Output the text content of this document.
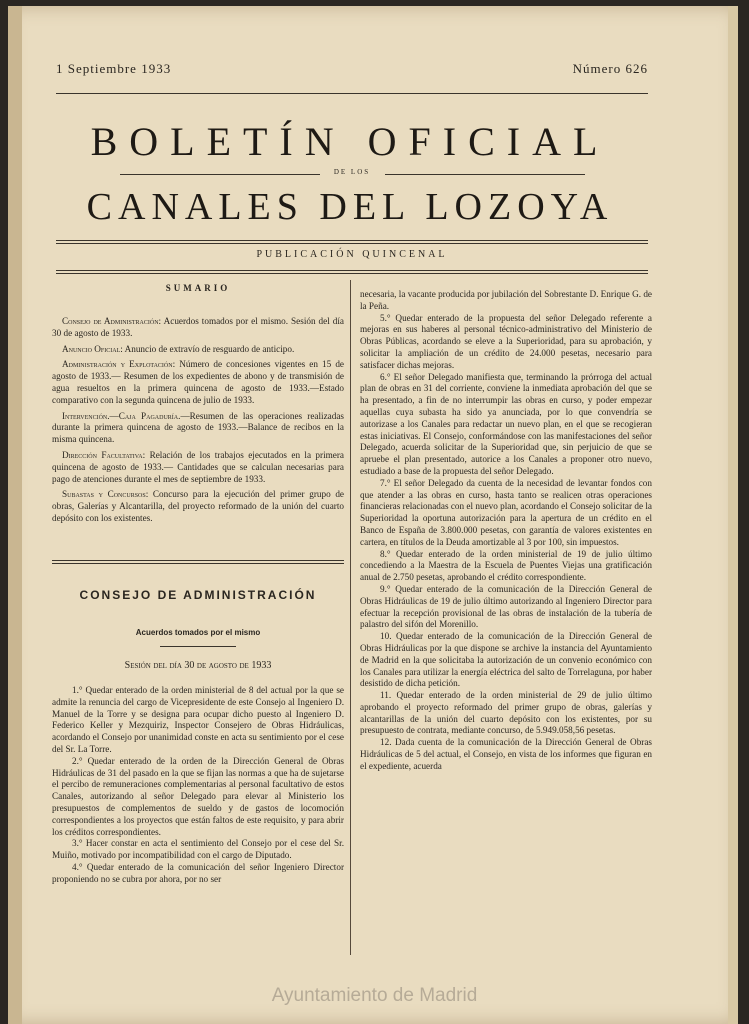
1 Septiembre 1933	Número 626
BOLETÍN OFICIAL
DE LOS
CANALES DEL LOZOYA
PUBLICACIÓN QUINCENAL
SUMARIO

Consejo de Administración: Acuerdos tomados por el mismo. Sesión del día 30 de agosto de 1933.

Anuncio Oficial: Anuncio de extravío de resguardo de anticipo.

Administración y Explotación: Número de concesiones vigentes en 15 de agosto de 1933.— Resumen de los expedientes de abono y de transmisión de agua resueltos en la primera quincena de agosto de 1933.—Estado comparativo con la segunda quincena de julio de 1933.

Intervención.—Caja Pagaduría.—Resumen de las operaciones realizadas durante la primera quincena de agosto de 1933.—Balance de recibos en la misma quincena.

Dirección Facultativa: Relación de los trabajos ejecutados en la primera quincena de agosto de 1933.— Cantidades que se calculan necesarias para pago de atenciones durante el mes de septiembre de 1933.

Subastas y Concursos: Concurso para la ejecución del primer grupo de obras, Galerías y Alcantarilla, del proyecto reformado de la unión del cuarto depósito con los existentes.

CONSEJO DE ADMINISTRACIÓN
Acuerdos tomados por el mismo
Sesión del día 30 de agosto de 1933

1.° Quedar enterado de la orden ministerial de 8 del actual por la que se admite la renuncia del cargo de Vicepresidente de este Consejo al Ingeniero D. Manuel de la Torre y se designa para ocupar dicho puesto al Ingeniero D. Federico Keller y Mezquiriz, Inspector Consejero de Obras Hidráulicas, acordando el Consejo por unanimidad conste en acta su sentimiento por el cese del Sr. La Torre.

2.° Quedar enterado de la orden de la Dirección General de Obras Hidráulicas de 31 del pasado en la que se fijan las normas a que ha de sujetarse el percibo de remuneraciones complementarias al personal facultativo de estos Canales, autorizando al señor Delegado para elevar al Ministerio los presupuestos de complementos de sueldo y de gastos de locomoción correspondientes a los proyectos que están faltos de este requisito, y para abrir los créditos correspondientes.

3.° Hacer constar en acta el sentimiento del Consejo por el cese del Sr. Muiño, motivado por incompatibilidad con el cargo de Diputado.

4.° Quedar enterado de la comunicación del señor Ingeniero Director proponiendo no se cubra por ahora, por no ser

necesaria, la vacante producida por jubilación del Sobrestante D. Enrique G. de la Peña.

5.° Quedar enterado de la propuesta del señor Delegado referente a mejoras en sus haberes al personal técnico-administrativo del Ministerio de Obras Públicas, acordando se eleve a la Superioridad, para su aprobación, y solicitar la ampliación de un crédito de 24.000 pesetas, necesario para satisfacer dichas mejoras.

6.° El señor Delegado manifiesta que, terminando la prórroga del actual plan de obras en 31 del corriente, conviene la inmediata aprobación del que se ha presentado, a fin de no interrumpir las obras en curso, y poder empezar aquellas cuya subasta ha sido ya anunciada, por lo que convendría se autorizase a los Canales para redactar un nuevo plan, en el que se recogieran estas iniciativas. El Consejo, conformándose con las manifestaciones del señor Delegado, acuerda solicitar de la Superioridad que, sin perjuicio de que se apruebe el plan presentado, autorice a los Canales a proponer otro nuevo, estudiado a base de la propuesta del señor Delegado.

7.° El señor Delegado da cuenta de la necesidad de levantar fondos con que atender a las obras en curso, hasta tanto se realicen otras operaciones financieras relacionadas con el nuevo plan, acordando el Consejo solicitar de la Superioridad la oportuna autorización para la apertura de un crédito en el Banco de España de 3.800.000 pesetas, con garantía de valores existentes en cartera, en títulos de la Deuda amortizable al 3 por 100, sin impuestos.

8.° Quedar enterado de la orden ministerial de 19 de julio último concediendo a la Maestra de la Escuela de Puentes Viejas una gratificación anual de 2.750 pesetas, aprobando el crédito correspondiente.

9.° Quedar enterado de la comunicación de la Dirección General de Obras Hidráulicas de 19 de julio último autorizando al Ingeniero Director para efectuar la recepción provisional de las obras de instalación de la tubería de palastro del sifón del Morenillo.

10. Quedar enterado de la comunicación de la Dirección General de Obras Hidráulicas por la que dispone se archive la instancia del Ayuntamiento de Madrid en la que solicitaba la autorización de un convenio económico con los Canales para utilizar la energía eléctrica del salto de Torrelaguna, por haber desistido de dicha petición.

11. Quedar enterado de la orden ministerial de 29 de julio último aprobando el proyecto reformado del primer grupo de obras, galerías y alcantarillas de la unión del cuarto depósito con los existentes, por su presupuesto de contrata, mediante concurso, de 5.949.058,56 pesetas.

12. Dada cuenta de la comunicación de la Dirección General de Obras Hidráulicas de 5 del actual, el Consejo, en vista de los informes que figuran en el expediente, acuerda

Ayuntamiento de Madrid
